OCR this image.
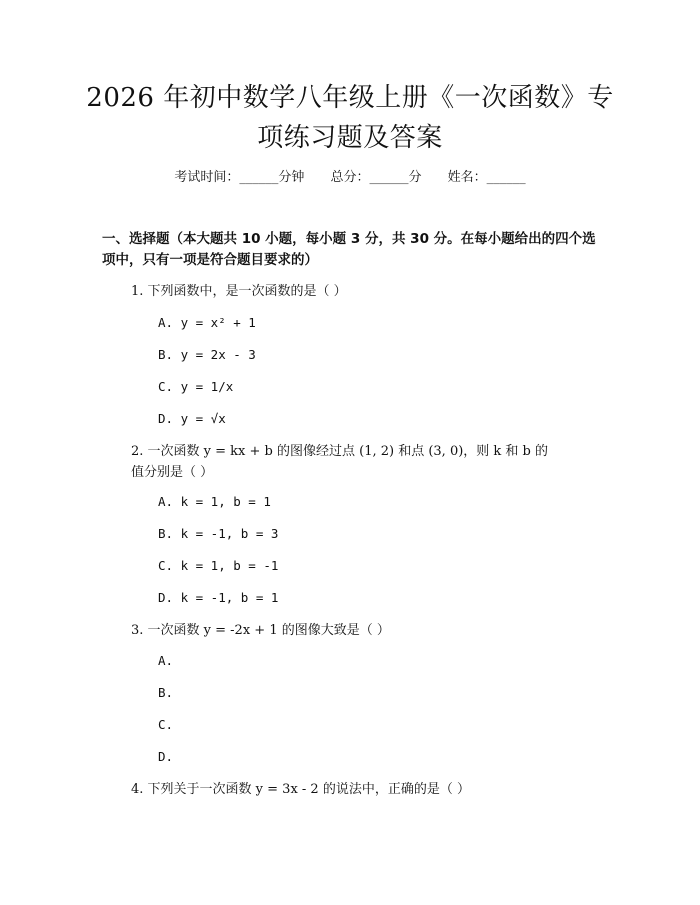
2026 年初中数学八年级上册《一次函数》专
项练习题及答案
考试时间：______分钟 总分：______分 姓名：______
一、选择题（本大题共 10 小题，每小题 3 分，共 30 分。在每小题给出的四个选
项中，只有一项是符合题目要求的）
1. 下列函数中，是一次函数的是（ ）
A. y = x² + 1
B. y = 2x - 3
C. y = 1/x
D. y = √x
2. 一次函数 y = kx + b 的图像经过点 (1, 2) 和点 (3, 0)，则 k 和 b 的
值分别是（ ）
A. k = 1, b = 1
B. k = -1, b = 3
C. k = 1, b = -1
D. k = -1, b = 1
3. 一次函数 y = -2x + 1 的图像大致是（ ）
A.
B.
C.
D.
4. 下列关于一次函数 y = 3x - 2 的说法中，正确的是（ ）
